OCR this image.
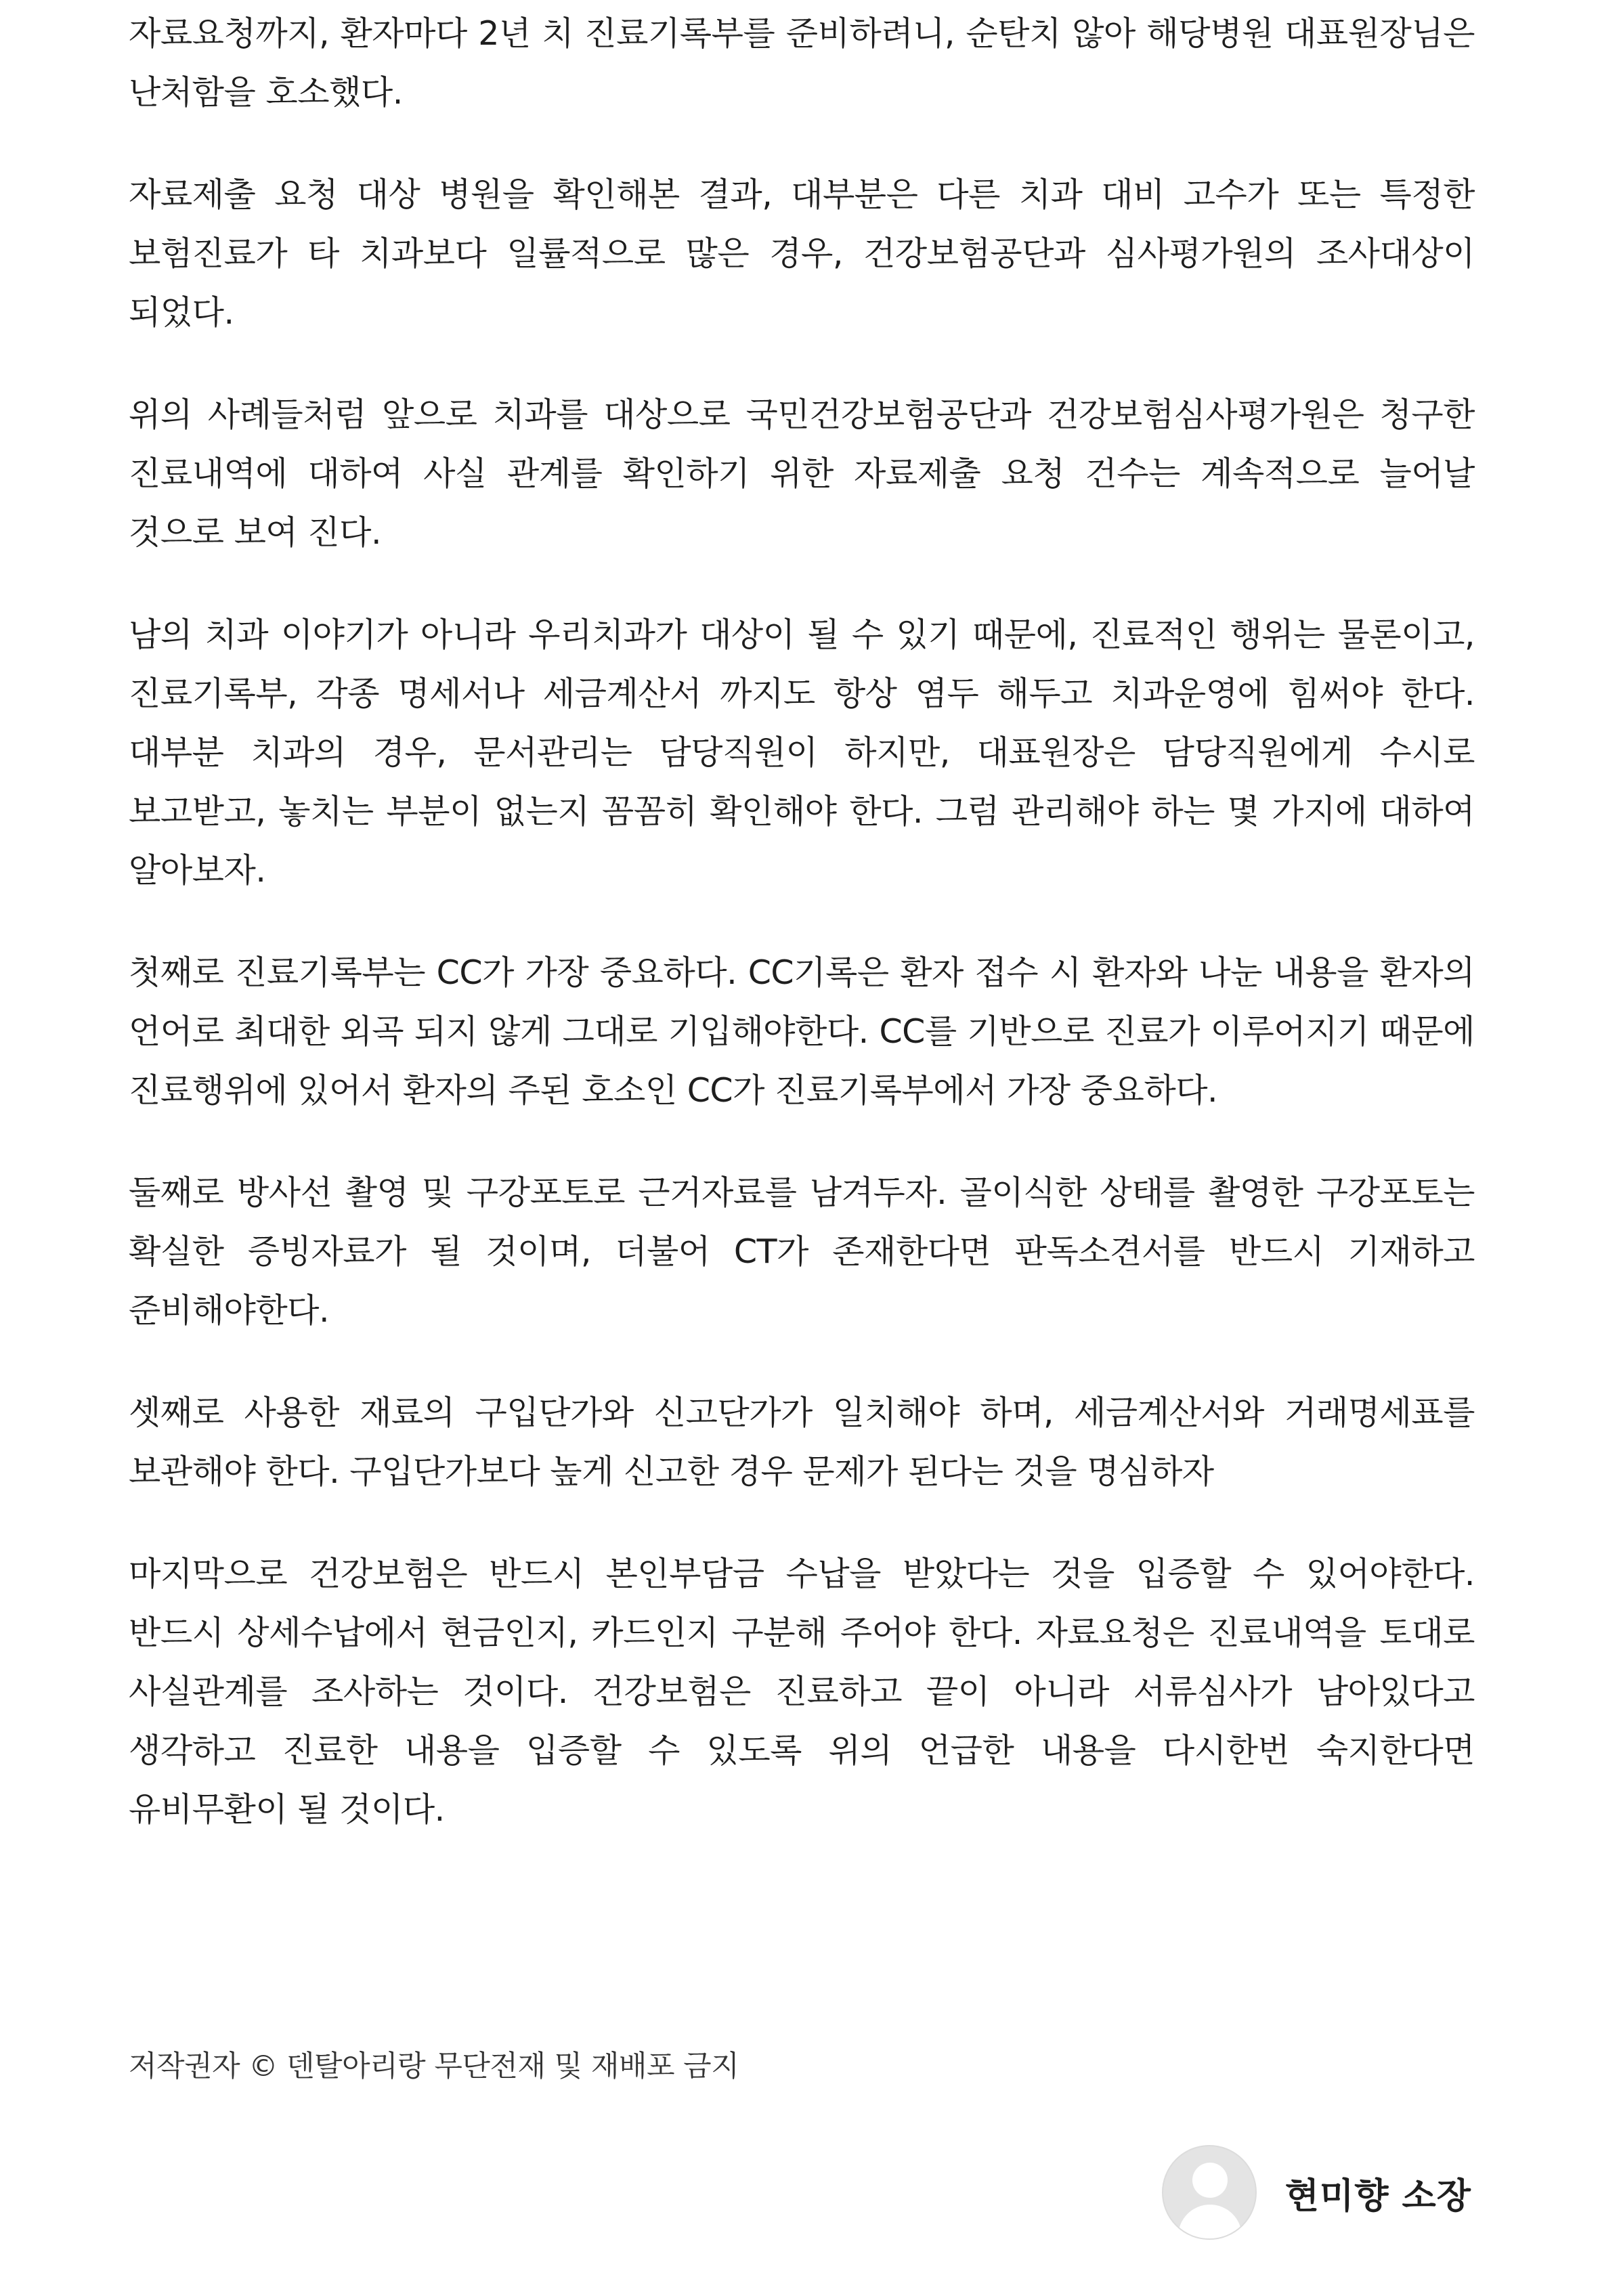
자료요청까지, 환자마다 2년 치 진료기록부를 준비하려니, 순탄치 않아 해당병원 대표원장님은 난처함을 호소했다.

자료제출 요청 대상 병원을 확인해본 결과, 대부분은 다른 치과 대비 고수가 또는 특정한 보험진료가 타 치과보다 일률적으로 많은 경우, 건강보험공단과 심사평가원의 조사대상이 되었다.

위의 사례들처럼 앞으로 치과를 대상으로 국민건강보험공단과 건강보험심사평가원은 청구한 진료내역에 대하여 사실 관계를 확인하기 위한 자료제출 요청 건수는 계속적으로 늘어날 것으로 보여 진다.

남의 치과 이야기가 아니라 우리치과가 대상이 될 수 있기 때문에, 진료적인 행위는 물론이고, 진료기록부, 각종 명세서나 세금계산서 까지도 항상 염두 해두고 치과운영에 힘써야 한다. 대부분 치과의 경우, 문서관리는 담당직원이 하지만, 대표원장은 담당직원에게 수시로 보고받고, 놓치는 부분이 없는지 꼼꼼히 확인해야 한다. 그럼 관리해야 하는 몇 가지에 대하여 알아보자.

첫째로 진료기록부는 CC가 가장 중요하다. CC기록은 환자 접수 시 환자와 나눈 내용을 환자의 언어로 최대한 외곡 되지 않게 그대로 기입해야한다. CC를 기반으로 진료가 이루어지기 때문에 진료행위에 있어서 환자의 주된 호소인 CC가 진료기록부에서 가장 중요하다.

둘째로 방사선 촬영 및 구강포토로 근거자료를 남겨두자. 골이식한 상태를 촬영한 구강포토는 확실한 증빙자료가 될 것이며, 더불어 CT가 존재한다면 판독소견서를 반드시 기재하고 준비해야한다.

셋째로 사용한 재료의 구입단가와 신고단가가 일치해야 하며, 세금계산서와 거래명세표를 보관해야 한다. 구입단가보다 높게 신고한 경우 문제가 된다는 것을 명심하자

마지막으로 건강보험은 반드시 본인부담금 수납을 받았다는 것을 입증할 수 있어야한다. 반드시 상세수납에서 현금인지, 카드인지 구분해 주어야 한다. 자료요청은 진료내역을 토대로 사실관계를 조사하는 것이다. 건강보험은 진료하고 끝이 아니라 서류심사가 남아있다고 생각하고 진료한 내용을 입증할 수 있도록 위의 언급한 내용을 다시한번 숙지한다면 유비무환이 될 것이다.

저작권자 © 덴탈아리랑 무단전재 및 재배포 금지
현미향 소장
